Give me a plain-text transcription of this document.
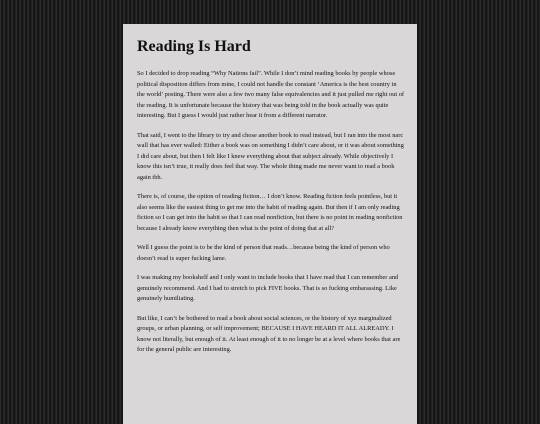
Reading Is Hard

So I decided to drop reading “Why Nations fail”. While I don’t mind reading books by people whose political disposition differs from mine, I could not handle the constant ‘America is the best country in the world’ posting. There were also a few two many false equivalencies and it just pulled me right out of the reading. It is unfortunate because the history that was being told in the book actually was quite interesting. But I guess I would just rather hear it from a different narrator.

That said, I went to the library to try and chose another book to read instead, but I ran into the most narc wall that has ever walled: Either a book was on something I didn’t care about, or it was about something I did care about, but then I felt like I knew everything about that subject already. While objectively I know this isn’t true, it really does feel that way. The whole thing made me never want to read a book again tbh.

There is, of course, the option of reading fiction… I don’t know. Reading fiction feels pointless, but it also seems like the easiest thing to get me into the habit of reading again. But then if I am only reading fiction so I can get into the habit so that I can read nonfiction, but there is no point in reading nonfiction because I already know everything then what is the point of doing that at all?

Well I guess the point is to be the kind of person that reads…because being the kind of person who doesn’t read is super fucking lame.

I was making my bookshelf and I only want to include books that I have read that I can remember and genuinely recommend. And I had to stretch to pick FIVE books. That is so fucking embarassing. Like genuinely humiliating.

But like, I can’t be bothered to read a book about social sciences, or the history of xyz marginalized groups, or urban planning, or self improvement; BECAUSE I HAVE HEARD IT ALL ALREADY. I know not literally, but enough of it. At least enough of it to no longer be at a level where books that are for the general public are interesting.
